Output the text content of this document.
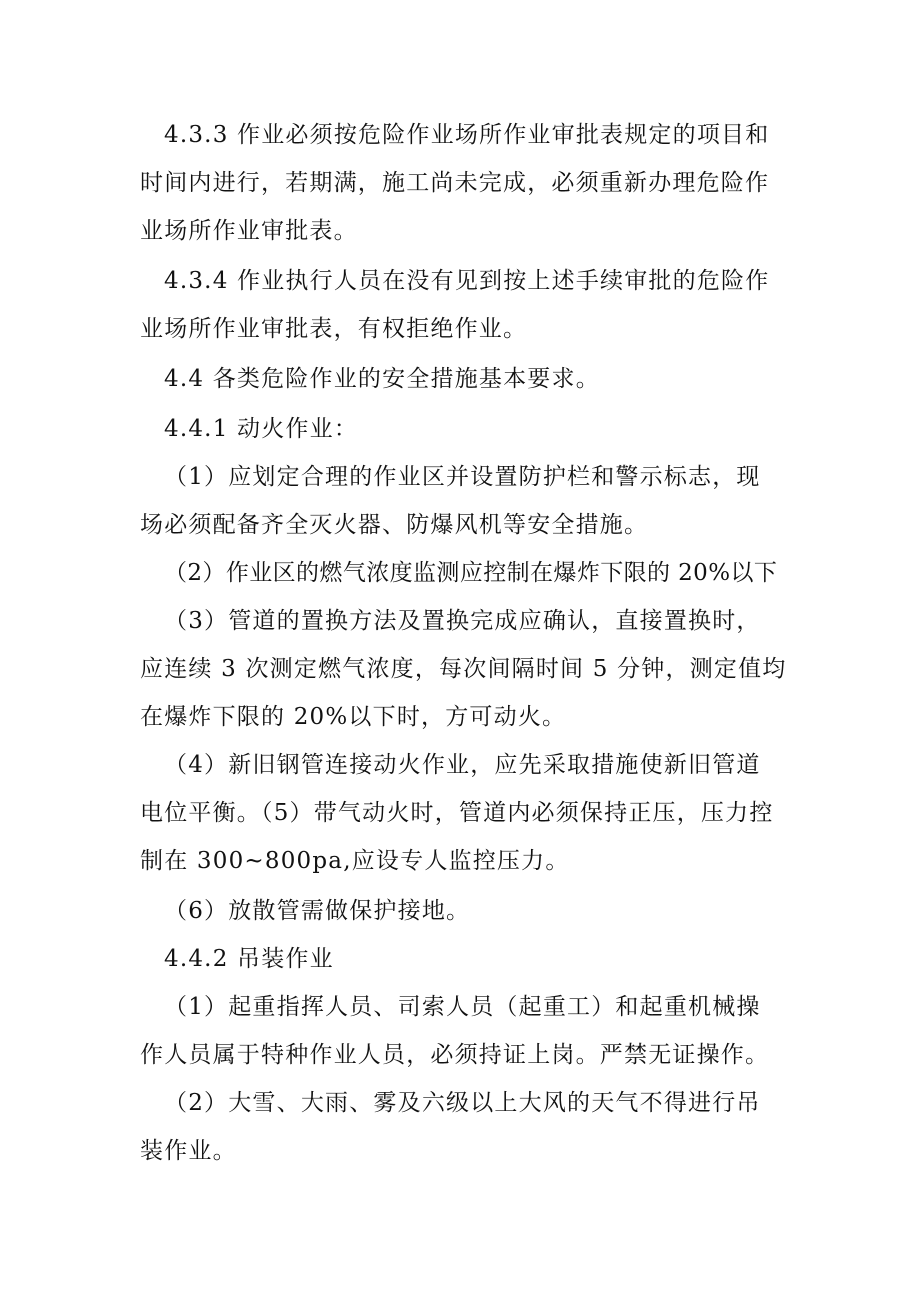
4.3.3 作业必须按危险作业场所作业审批表规定的项目和
时间内进行，若期满，施工尚未完成，必须重新办理危险作
业场所作业审批表。
4.3.4 作业执行人员在没有见到按上述手续审批的危险作
业场所作业审批表，有权拒绝作业。
4.4 各类危险作业的安全措施基本要求。
4.4.1 动火作业：
（1）应划定合理的作业区并设置防护栏和警示标志，现
场必须配备齐全灭火器、防爆风机等安全措施。
（2）作业区的燃气浓度监测应控制在爆炸下限的 20%以下
（3）管道的置换方法及置换完成应确认，直接置换时，
应连续 3 次测定燃气浓度，每次间隔时间 5 分钟，测定值均
在爆炸下限的 20%以下时，方可动火。
（4）新旧钢管连接动火作业，应先采取措施使新旧管道
电位平衡。（5）带气动火时，管道内必须保持正压，压力控
制在 300~800pa,应设专人监控压力。
（6）放散管需做保护接地。
4.4.2 吊装作业
（1）起重指挥人员、司索人员（起重工）和起重机械操
作人员属于特种作业人员，必须持证上岗。严禁无证操作。
（2）大雪、大雨、雾及六级以上大风的天气不得进行吊
装作业。
